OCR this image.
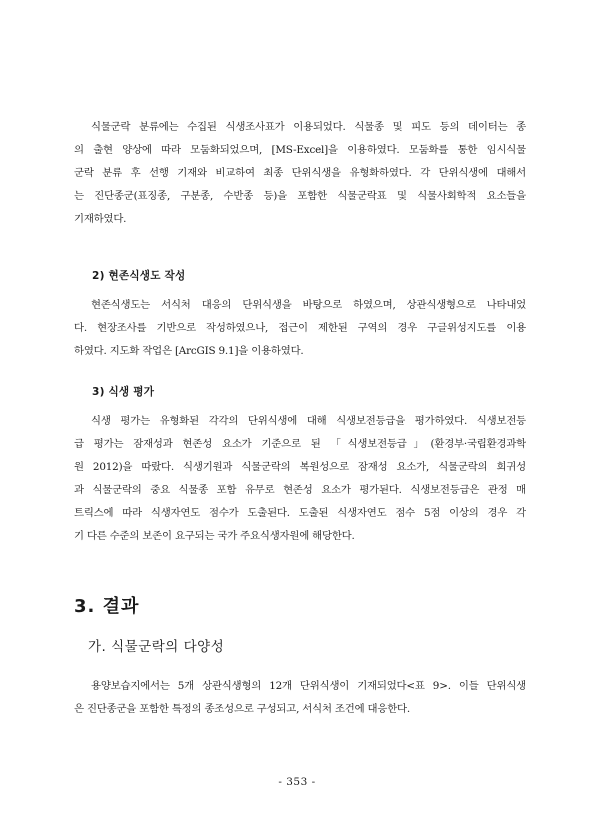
식물군락 분류에는 수집된 식생조사표가 이용되었다. 식물종 및 피도 등의 데이터는 종
의 출현 양상에 따라 모둠화되었으며, [MS-Excel]을 이용하였다. 모둠화를 통한 임시식물
군락 분류 후 선행 기재와 비교하여 최종 단위식생을 유형화하였다. 각 단위식생에 대해서
는 진단종군(표징종, 구분종, 수반종 등)을 포함한 식물군락표 및 식물사회학적 요소들을
기재하였다.
2) 현존식생도 작성
현존식생도는 서식처 대응의 단위식생을 바탕으로 하였으며, 상관식생형으로 나타내었
다. 현장조사를 기반으로 작성하였으나, 접근이 제한된 구역의 경우 구글위성지도를 이용
하였다. 지도화 작업은 [ArcGIS 9.1]을 이용하였다.
3) 식생 평가
식생 평가는 유형화된 각각의 단위식생에 대해 식생보전등급을 평가하였다. 식생보전등
급 평가는 잠재성과 현존성 요소가 기준으로 된 「식생보전등급」(환경부·국립환경과학
원 2012)을 따랐다. 식생기원과 식물군락의 복원성으로 잠재성 요소가, 식물군락의 희귀성
과 식물군락의 중요 식물종 포함 유무로 현존성 요소가 평가된다. 식생보전등급은 관정 매
트릭스에 따라 식생자연도 점수가 도출된다. 도출된 식생자연도 점수 5점 이상의 경우 각
기 다른 수준의 보존이 요구되는 국가 주요식생자원에 해당한다.
3. 결과
가. 식물군락의 다양성
용양보습지에서는 5개 상관식생형의 12개 단위식생이 기재되었다<표 9>. 이들 단위식생
은 진단종군을 포함한 특정의 종조성으로 구성되고, 서식처 조건에 대응한다.
- 353 -
